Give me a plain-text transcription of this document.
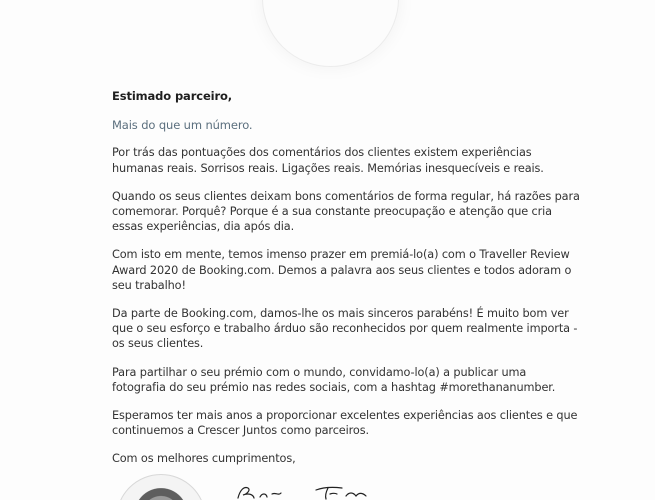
Estimado parceiro,

Mais do que um número.

Por trás das pontuações dos comentários dos clientes existem experiências humanas reais. Sorrisos reais. Ligações reais. Memórias inesquecíveis e reais.

Quando os seus clientes deixam bons comentários de forma regular, há razões para comemorar. Porquê? Porque é a sua constante preocupação e atenção que cria essas experiências, dia após dia.

Com isto em mente, temos imenso prazer em premiá-lo(a) com o Traveller Review Award 2020 de Booking.com. Demos a palavra aos seus clientes e todos adoram o seu trabalho!

Da parte de Booking.com, damos-lhe os mais sinceros parabéns! É muito bom ver que o seu esforço e trabalho árduo são reconhecidos por quem realmente importa - os seus clientes.

Para partilhar o seu prémio com o mundo, convidamo-lo(a) a publicar uma fotografia do seu prémio nas redes sociais, com a hashtag #morethananumber.

Esperamos ter mais anos a proporcionar excelentes experiências aos clientes e que continuemos a Crescer Juntos como parceiros.

Com os melhores cumprimentos,
